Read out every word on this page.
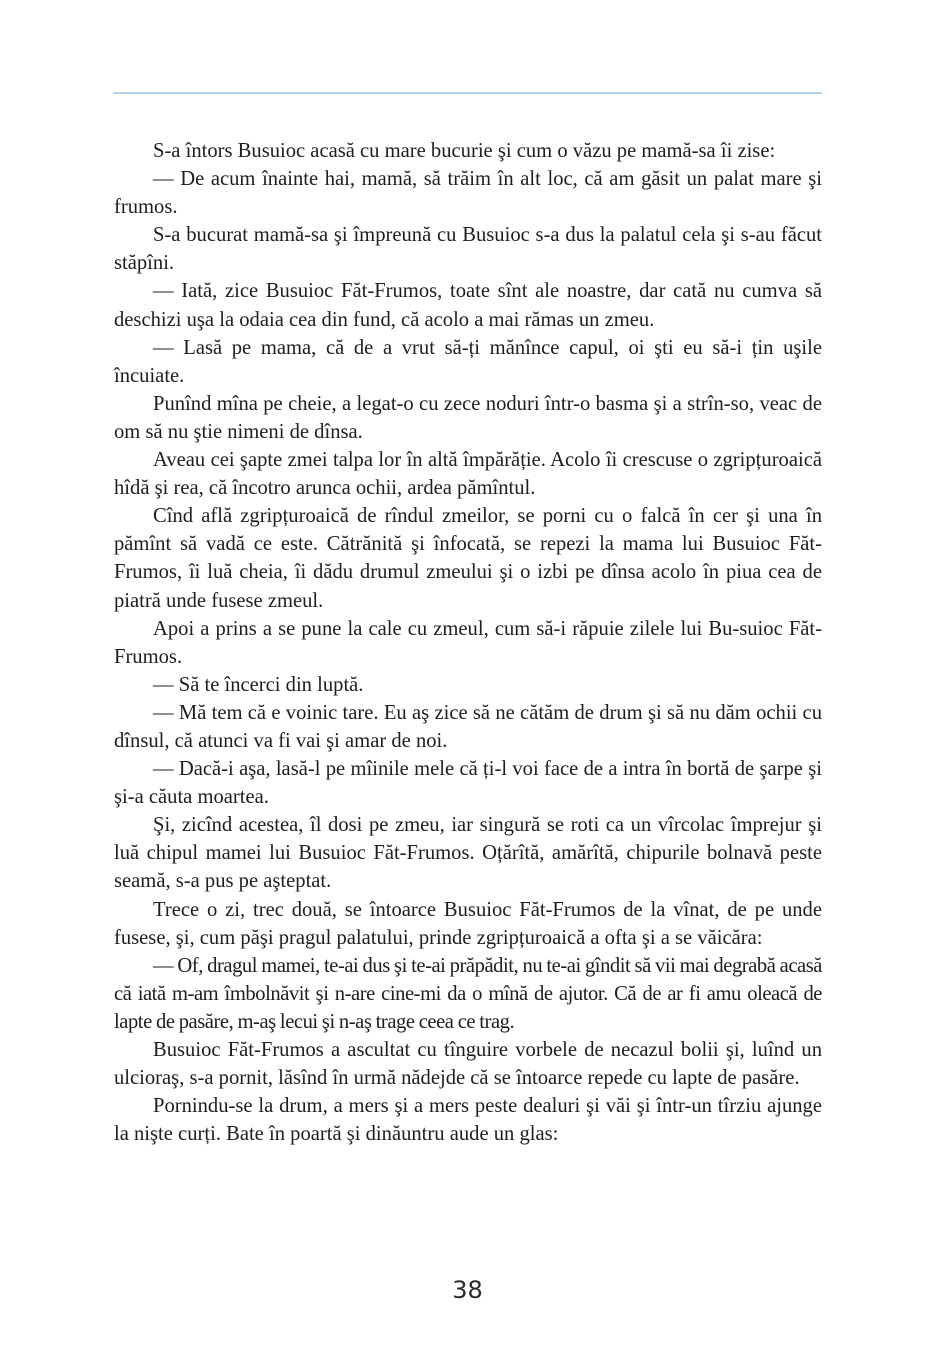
S-a întors Busuioc acasă cu mare bucurie şi cum o văzu pe mamă-sa îi zise:

— De acum înainte hai, mamă, să trăim în alt loc, că am găsit un palat mare şi frumos.

S-a bucurat mamă-sa şi împreună cu Busuioc s-a dus la palatul cela şi s-au făcut stăpîni.

— Iată, zice Busuioc Făt-Frumos, toate sînt ale noastre, dar cată nu cumva să deschizi uşa la odaia cea din fund, că acolo a mai rămas un zmeu.

— Lasă pe mama, că de a vrut să-ți mănînce capul, oi şti eu să-i țin uşile încuiate.

Punînd mîna pe cheie, a legat-o cu zece noduri într-o basma şi a strîn-so, veac de om să nu ştie nimeni de dînsa.

Aveau cei şapte zmei talpa lor în altă împărăție. Acolo îi crescuse o zgripțuroaică hîdă şi rea, că încotro arunca ochii, ardea pămîntul.

Cînd află zgripțuroaică de rîndul zmeilor, se porni cu o falcă în cer şi una în pămînt să vadă ce este. Cătrănită şi înfocată, se repezi la mama lui Busuioc Făt-Frumos, îi luă cheia, îi dădu drumul zmeului şi o izbi pe dînsa acolo în piua cea de piatră unde fusese zmeul.

Apoi a prins a se pune la cale cu zmeul, cum să-i răpuie zilele lui Bu-suioc Făt-Frumos.

— Să te încerci din luptă.

— Mă tem că e voinic tare. Eu aş zice să ne cătăm de drum şi să nu dăm ochii cu dînsul, că atunci va fi vai şi amar de noi.

— Dacă-i aşa, lasă-l pe mîinile mele că ți-l voi face de a intra în bortă de şarpe şi şi-a căuta moartea.

Şi, zicînd acestea, îl dosi pe zmeu, iar singură se roti ca un vîrcolac împrejur şi luă chipul mamei lui Busuioc Făt-Frumos. Oțărîtă, amărîtă, chipurile bolnavă peste seamă, s-a pus pe aşteptat.

Trece o zi, trec două, se întoarce Busuioc Făt-Frumos de la vînat, de pe unde fusese, şi, cum păşi pragul palatului, prinde zgripțuroaică a ofta şi a se văicăra:

— Of, dragul mamei, te-ai dus şi te-ai prăpădit, nu te-ai gîndit să vii mai degrabă acasă că iată m-am îmbolnăvit şi n-are cine-mi da o mînă de ajutor. Că de ar fi amu oleacă de lapte de pasăre, m-aş lecui şi n-aş trage ceea ce trag.

Busuioc Făt-Frumos a ascultat cu tînguire vorbele de necazul bolii şi, luînd un ulcioraş, s-a pornit, lăsînd în urmă nădejde că se întoarce repede cu lapte de pasăre.

Pornindu-se la drum, a mers şi a mers peste dealuri şi văi şi într-un tîrziu ajunge la nişte curți. Bate în poartă şi dinăuntru aude un glas:

38
